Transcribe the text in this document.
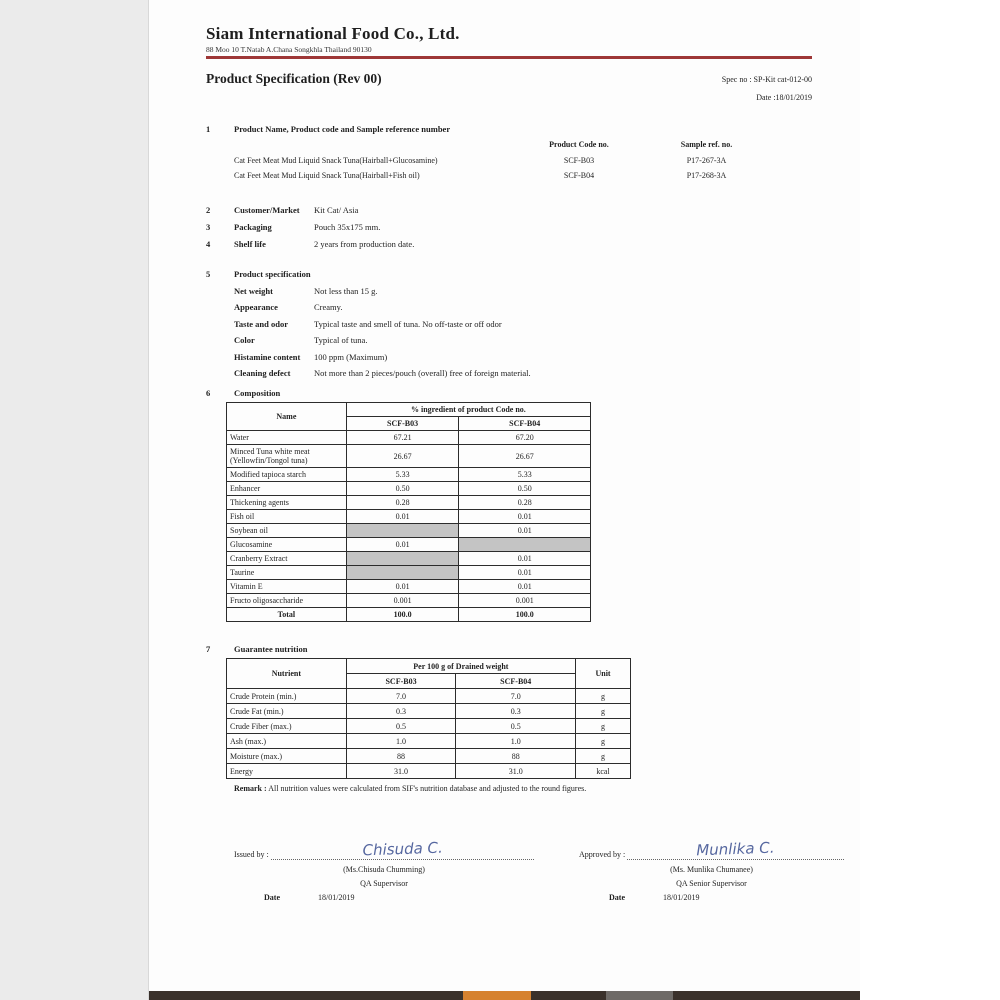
Siam International Food Co., Ltd.
88 Moo 10 T.Natab A.Chana Songkhla Thailand 90130
Product Specification (Rev 00)	Spec no : SP-Kit cat-012-00
Date :18/01/2019
1	Product Name, Product code and Sample reference number
Product Code no.	Sample ref. no.
Cat Feet Meat Mud Liquid Snack Tuna(Hairball+Glucosamine)	SCF-B03	P17-267-3A
Cat Feet Meat Mud Liquid Snack Tuna(Hairball+Fish oil)	SCF-B04	P17-268-3A
2	Customer/Market	Kit Cat/ Asia
3	Packaging	Pouch 35x175 mm.
4	Shelf life	2 years from production date.
5	Product specification
Net weight	Not less than 15 g.
Appearance	Creamy.
Taste and odor	Typical taste and smell of tuna. No off-taste or off odor
Color	Typical of tuna.
Histamine content	100 ppm (Maximum)
Cleaning defect	Not more than 2 pieces/pouch (overall) free of foreign material.
6	Composition
Name	% ingredient of product Code no.	
	SCF-B03	SCF-B04
Water	67.21	67.20
Minced Tuna white meat (Yellowfin/Tongol tuna)	26.67	26.67
Modified tapioca starch	5.33	5.33
Enhancer	0.50	0.50
Thickening agents	0.28	0.28
Fish oil	0.01	0.01
Soybean oil		0.01
Glucosamine	0.01	
Cranberry Extract		0.01
Taurine		0.01
Vitamin E	0.01	0.01
Fructo oligosaccharide	0.001	0.001
Total	100.0	100.0
7	Guarantee nutrition
Nutrient	Per 100 g of Drained weight		Unit
	SCF-B03	SCF-B04	
Crude Protein (min.)	7.0	7.0	g
Crude Fat (min.)	0.3	0.3	g
Crude Fiber (max.)	0.5	0.5	g
Ash (max.)	1.0	1.0	g
Moisture (max.)	88	88	g
Energy	31.0	31.0	kcal
Remark : All nutrition values were calculated from SIF's nutrition database and adjusted to the round figures.
Issued by :	Chisuda C.
(Ms.Chisuda Chumming)
QA Supervisor
Date	18/01/2019
Approved by :	Munlika C.
(Ms. Munlika Chumanee)
QA Senior Supervisor
Date	18/01/2019
